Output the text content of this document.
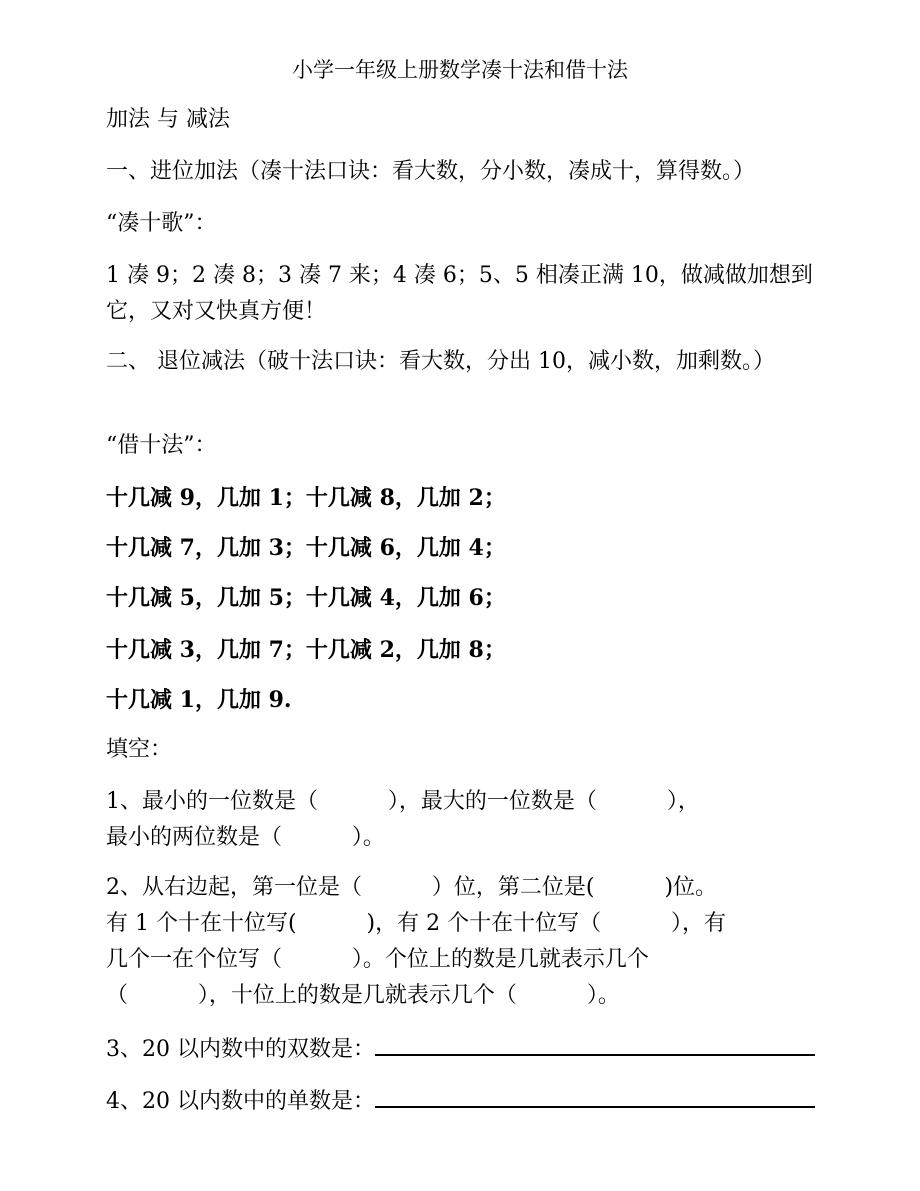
小学一年级上册数学凑十法和借十法
加法 与 减法
一、进位加法（凑十法口诀：看大数，分小数，凑成十，算得数。）
“凑十歌”：
1 凑 9；2 凑 8；3 凑 7 来；4 凑 6；5、5 相凑正满 10，做减做加想到
它，又对又快真方便！
二、 退位减法（破十法口诀：看大数，分出 10，减小数，加剩数。）
“借十法”：
十几减 9，几加 1；十几减 8，几加 2；
十几减 7，几加 3；十几减 6，几加 4；
十几减 5，几加 5；十几减 4，几加 6；
十几减 3，几加 7；十几减 2，几加 8；
十几减 1，几加 9.
填空：
1、最小的一位数是（          ），最大的一位数是（          ），
最小的两位数是（          ）。
2、从右边起，第一位是（          ）位，第二位是(          )位。
有 1 个十在十位写(          )，有 2 个十在十位写（          ），有
几个一在个位写（          ）。个位上的数是几就表示几个
（          ），十位上的数是几就表示几个（          ）。
3、20 以内数中的双数是：
4、20 以内数中的单数是：
